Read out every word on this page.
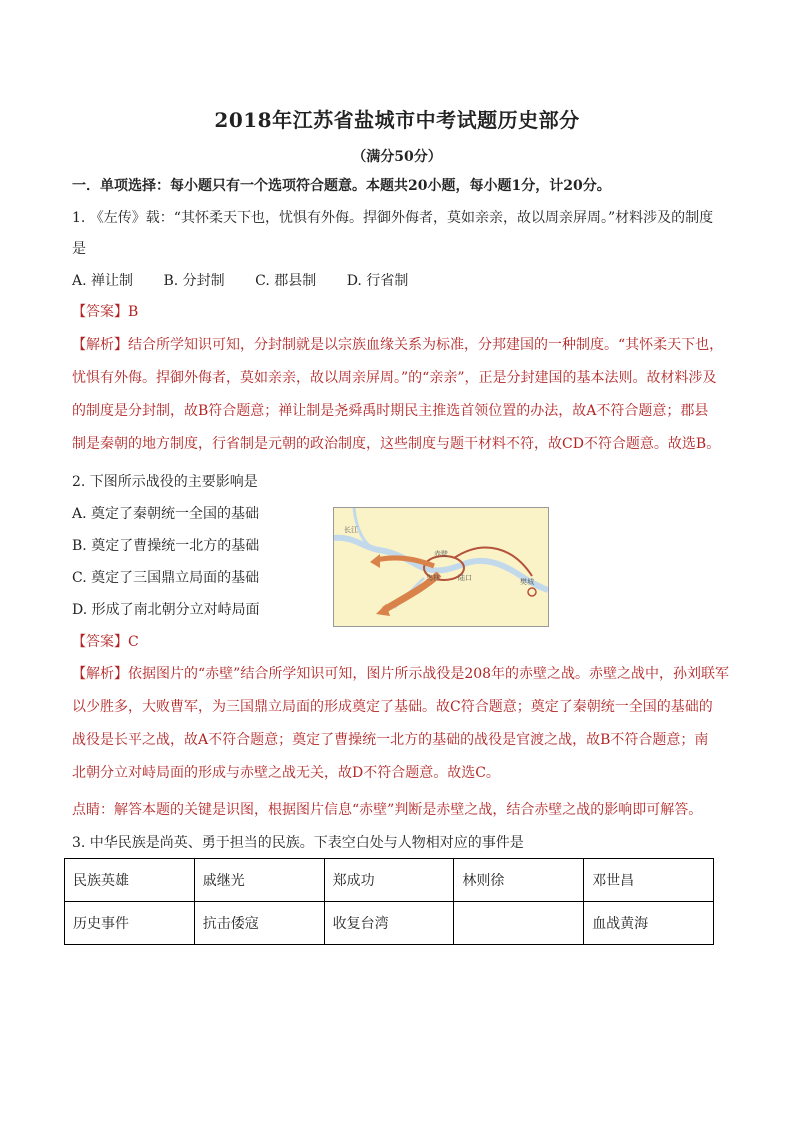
2018年江苏省盐城市中考试题历史部分
（满分50分）
一．单项选择：每小题只有一个选项符合题意。本题共20小题，每小题1分，计20分。
1. 《左传》载：“其怀柔天下也，忧惧有外侮。捍御外侮者，莫如亲亲，故以周亲屏周。”材料涉及的制度
是
A. 禅让制 B. 分封制 C. 郡县制 D. 行省制
【答案】B
【解析】结合所学知识可知，分封制就是以宗族血缘关系为标准，分邦建国的一种制度。“其怀柔天下也，
忧惧有外侮。捍御外侮者，莫如亲亲，故以周亲屏周。”的“亲亲”，正是分封建国的基本法则。故材料涉及
的制度是分封制，故B符合题意；禅让制是尧舜禹时期民主推选首领位置的办法，故A不符合题意；郡县
制是秦朝的地方制度，行省制是元朝的政治制度，这些制度与题干材料不符，故CD不符合题意。故选B。
2. 下图所示战役的主要影响是
A. 奠定了秦朝统一全国的基础
B. 奠定了曹操统一北方的基础
C. 奠定了三国鼎立局面的基础
D. 形成了南北朝分立对峙局面
长江
赤壁
乌林	陆口	樊城
【答案】C
【解析】依据图片的“赤壁”结合所学知识可知，图片所示战役是208年的赤壁之战。赤壁之战中，孙刘联军
以少胜多，大败曹军，为三国鼎立局面的形成奠定了基础。故C符合题意；奠定了秦朝统一全国的基础的
战役是长平之战，故A不符合题意；奠定了曹操统一北方的基础的战役是官渡之战，故B不符合题意；南
北朝分立对峙局面的形成与赤壁之战无关，故D不符合题意。故选C。
点睛：解答本题的关键是识图，根据图片信息“赤壁”判断是赤壁之战，结合赤壁之战的影响即可解答。
3. 中华民族是尚英、勇于担当的民族。下表空白处与人物相对应的事件是
民族英雄	戚继光	郑成功	林则徐	邓世昌
历史事件	抗击倭寇	收复台湾		血战黄海
